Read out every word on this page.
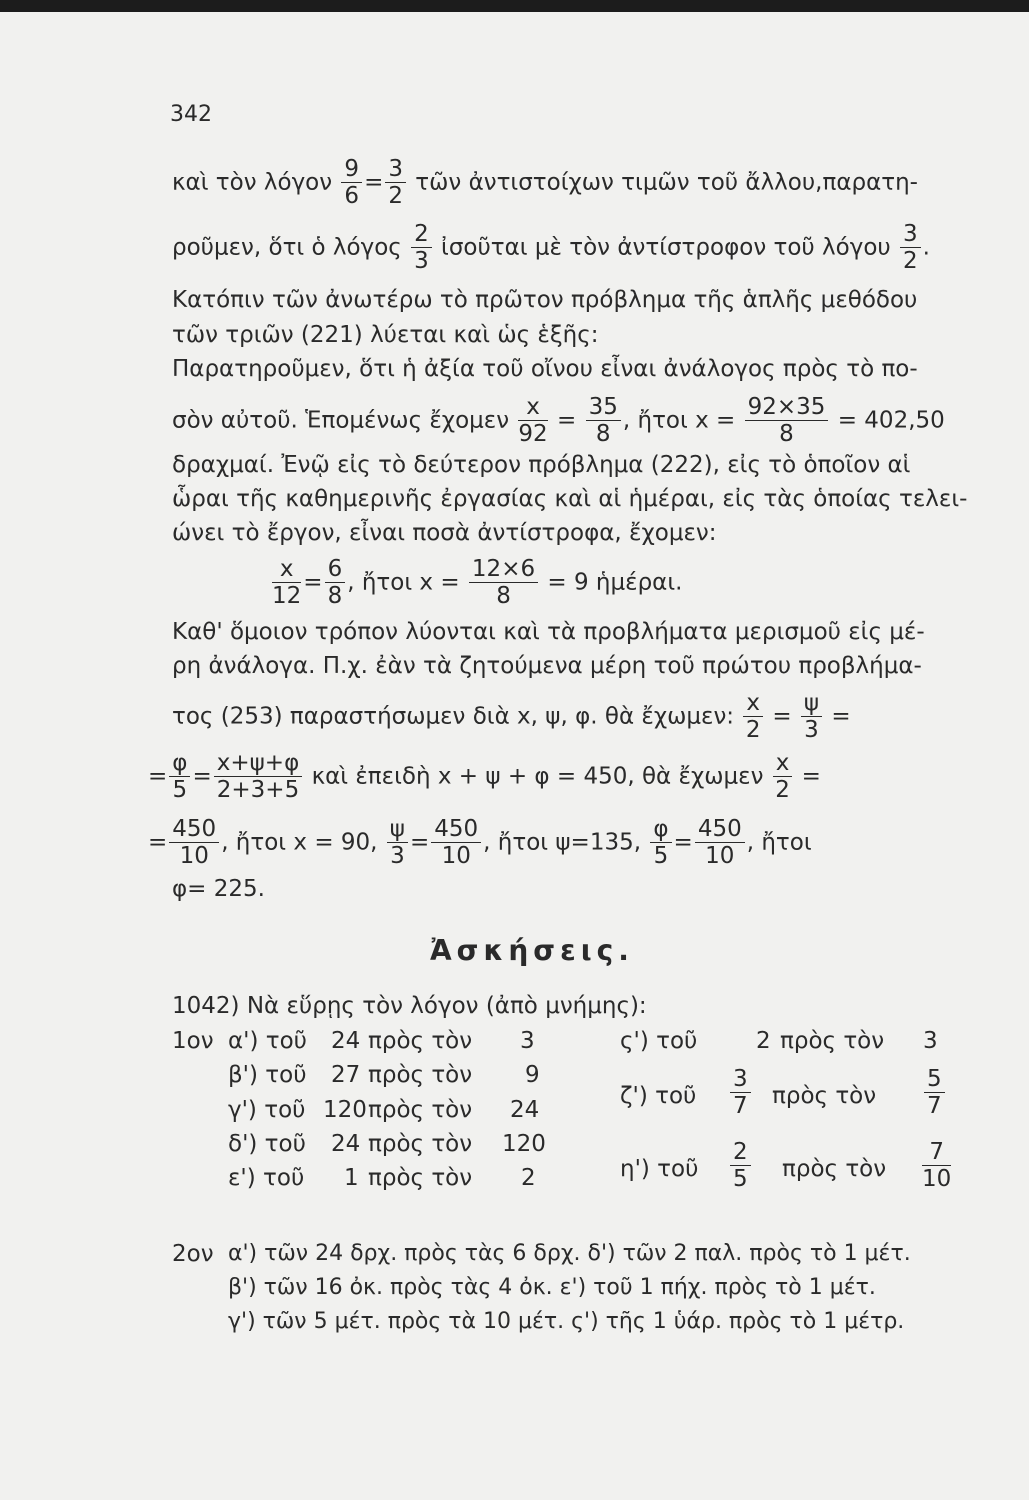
342
καὶ τὸν λόγον $\frac{9}{6} = \frac{3}{2}$ τῶν ἀντιστοίχων τιμῶν τοῦ ἄλλου,παρατη-
ροῦμεν, ὅτι ὁ λόγος $\frac{2}{3}$ ἰσοῦται μὲ τὸν ἀντίστροφον τοῦ λόγου $\frac{3}{2}$ .
Κατόπιν τῶν ἀνωτέρω τὸ πρῶτον πρόβλημα τῆς ἁπλῆς μεθόδου
τῶν τριῶν (221) λύεται καὶ ὡς ἑξῆς:
Παρατηροῦμεν, ὅτι ἡ ἀξία τοῦ οἴνου εἶναι ἀνάλογος πρὸς τὸ πο-
σὸν αὐτοῦ. Ἑπομένως ἔχομεν $\frac{x}{92} = \frac{35}{8}$ , ἤτοι $x = \frac{92\times 35}{8} = 402,50$
δραχμαί. Ἐνῷ εἰς τὸ δεύτερον πρόβλημα (222), εἰς τὸ ὁποῖον αἱ
ὧραι τῆς καθημερινῆς ἐργασίας καὶ αἱ ἡμέραι, εἰς τὰς ὁποίας τελει-
ώνει τὸ ἔργον, εἶναι ποσὰ ἀντίστροφα, ἔχομεν:
$\frac{x}{12} = \frac{6}{8}$ , ἤτοι $x = \frac{12\times 6}{8} = 9$ ἡμέραι.
Καθ' ὅμοιον τρόπον λύονται καὶ τὰ προβλήματα μερισμοῦ εἰς μέ-
ρη ἀνάλογα. Π.χ. ἐὰν τὰ ζητούμενα μέρη τοῦ πρώτου προβλήμα-
τος (253) παραστήσωμεν διὰ x, ψ, φ. θὰ ἔχωμεν: $\frac{x}{2} = \frac{\psi}{3}$ =
= $\frac{\varphi}{5} = \frac{x+\psi+\varphi}{2+3+5}$ καὶ ἐπειδὴ x + ψ + φ = 450, θὰ ἔχωμεν $\frac{x}{2}$ =
= $\frac{450}{10}$ , ἤτοι x = 90, $\frac{\psi}{3} = \frac{450}{10}$ , ἤτοι ψ=135, $\frac{\varphi}{5} = \frac{450}{10}$ , ἤτοι
φ= 225.
Ἀσκήσεις.
1042) Νὰ εὕρῃς τὸν λόγον (ἀπὸ μνήμης):
1ον α') τοῦ 24 πρὸς τὸν 3
β') τοῦ 27 πρὸς τὸν 9
γ') τοῦ 120 πρὸς τὸν 24
δ') τοῦ 24 πρὸς τὸν 120
ε') τοῦ 1 πρὸς τὸν 2
ς') τοῦ	2 πρὸς τὸν 3
ζ') τοῦ $\frac{3}{7}$ πρὸς τὸν $\frac{5}{7}$
η') τοῦ $\frac{2}{5}$ πρὸς τὸν $\frac{7}{10}$
2ον α') τῶν 24 δρχ. πρὸς τὰς 6 δρχ. δ') τῶν 2 παλ. πρὸς τὸ 1 μέτ.
β') τῶν 16 ὀκ. πρὸς τὰς 4 ὀκ. ε') τοῦ 1 πήχ. πρὸς τὸ 1 μέτ.
γ') τῶν 5 μέτ. πρὸς τὰ 10 μέτ. ς') τῆς 1 ὑάρ. πρὸς τὸ 1 μέτρ.
